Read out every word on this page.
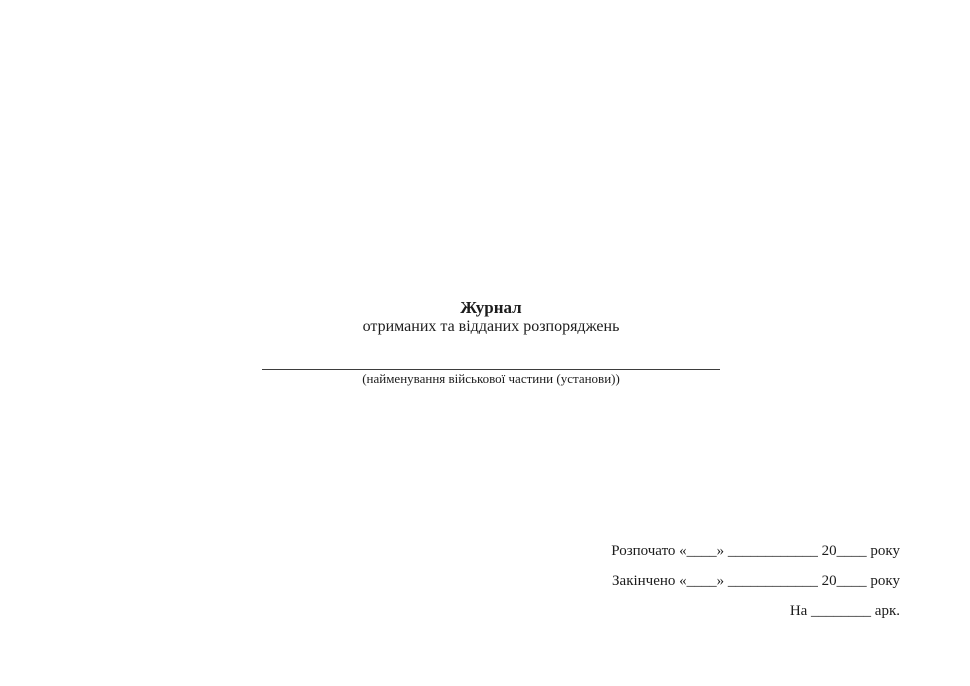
Журнал
отриманих та відданих розпоряджень
(найменування військової частини (установи))
Розпочато «____» ____________ 20____ року
Закінчено «____» ____________ 20____ року
На ________ арк.
